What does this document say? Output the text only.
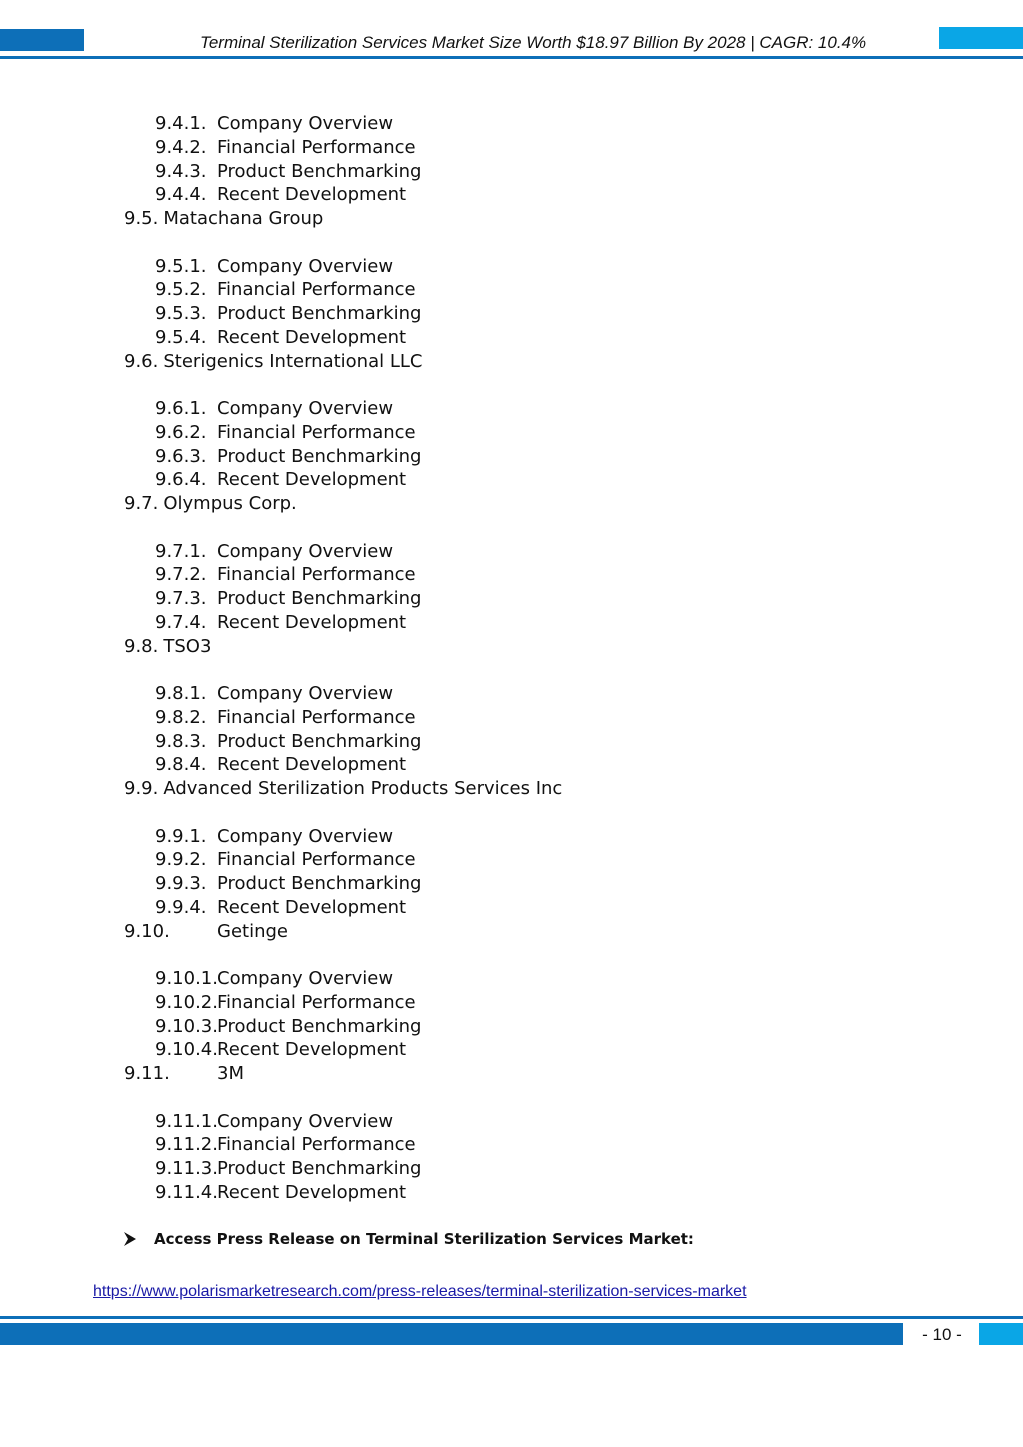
Terminal Sterilization Services Market Size Worth $18.97 Billion By 2028 | CAGR: 10.4%
9.4.1. Company Overview
9.4.2. Financial Performance
9.4.3. Product Benchmarking
9.4.4. Recent Development
9.5. Matachana Group
9.5.1. Company Overview
9.5.2. Financial Performance
9.5.3. Product Benchmarking
9.5.4. Recent Development
9.6. Sterigenics International LLC
9.6.1. Company Overview
9.6.2. Financial Performance
9.6.3. Product Benchmarking
9.6.4. Recent Development
9.7. Olympus Corp.
9.7.1. Company Overview
9.7.2. Financial Performance
9.7.3. Product Benchmarking
9.7.4. Recent Development
9.8. TSO3
9.8.1. Company Overview
9.8.2. Financial Performance
9.8.3. Product Benchmarking
9.8.4. Recent Development
9.9. Advanced Sterilization Products Services Inc
9.9.1. Company Overview
9.9.2. Financial Performance
9.9.3. Product Benchmarking
9.9.4. Recent Development
9.10.	Getinge
9.10.1. Company Overview
9.10.2. Financial Performance
9.10.3. Product Benchmarking
9.10.4. Recent Development
9.11.	3M
9.11.1. Company Overview
9.11.2. Financial Performance
9.11.3. Product Benchmarking
9.11.4. Recent Development
Access Press Release on Terminal Sterilization Services Market:
https://www.polarismarketresearch.com/press-releases/terminal-sterilization-services-market
- 10 -
